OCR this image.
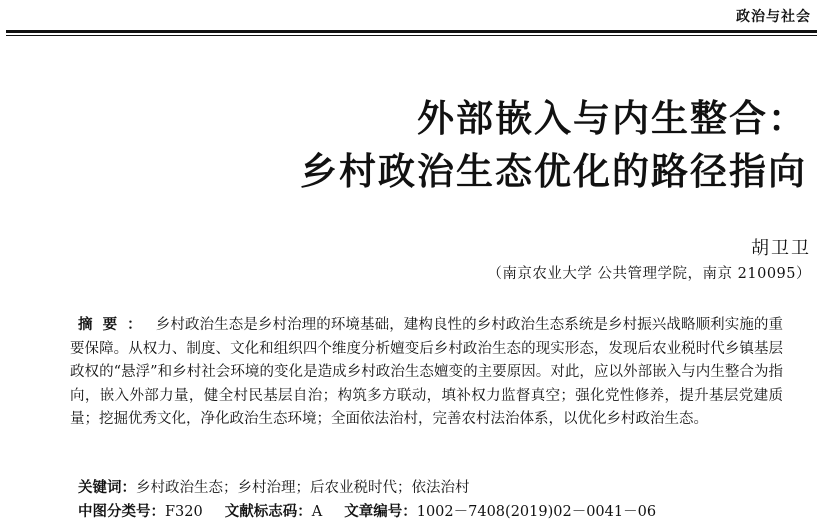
政治与社会
外部嵌入与内生整合：
乡村政治生态优化的路径指向
胡卫卫
（南京农业大学 公共管理学院，南京 210095）
摘要： 乡村政治生态是乡村治理的环境基础，建构良性的乡村政治生态系统是乡村振兴战略顺利实施的重要保障。从权力、制度、文化和组织四个维度分析嬗变后乡村政治生态的现实形态，发现后农业税时代乡镇基层政权的“悬浮”和乡村社会环境的变化是造成乡村政治生态嬗变的主要原因。对此，应以外部嵌入与内生整合为指向，嵌入外部力量，健全村民基层自治；构筑多方联动，填补权力监督真空；强化党性修养，提升基层党建质量；挖掘优秀文化，净化政治生态环境；全面依法治村，完善农村法治体系，以优化乡村政治生态。
关键词：乡村政治生态；乡村治理；后农业税时代；依法治村
中图分类号：F320 文献标志码：A 文章编号：1002－7408(2019)02－0041－06
